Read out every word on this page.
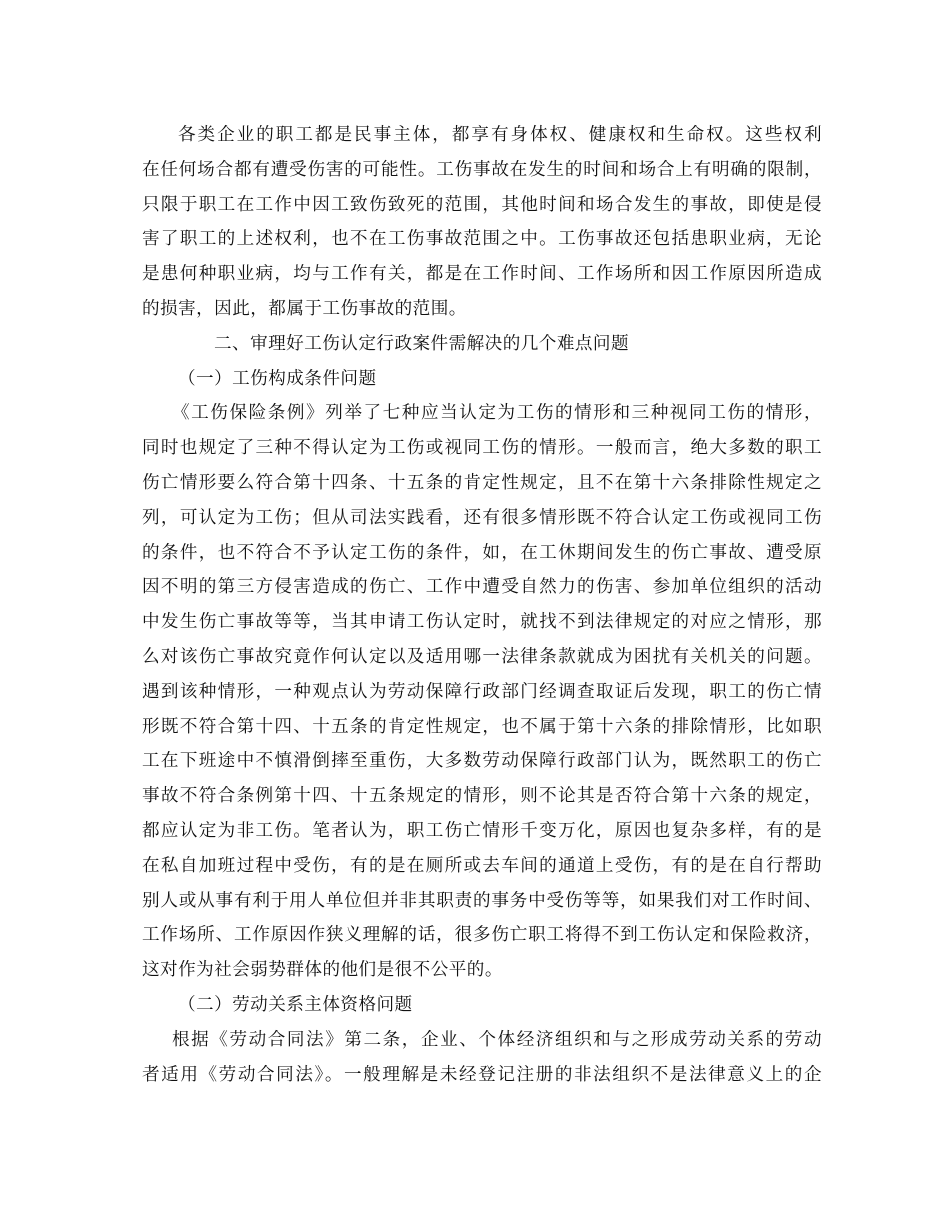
各类企业的职工都是民事主体，都享有身体权、健康权和生命权。这些权利
在任何场合都有遭受伤害的可能性。工伤事故在发生的时间和场合上有明确的限制，
只限于职工在工作中因工致伤致死的范围，其他时间和场合发生的事故，即使是侵
害了职工的上述权利，也不在工伤事故范围之中。工伤事故还包括患职业病，无论
是患何种职业病，均与工作有关，都是在工作时间、工作场所和因工作原因所造成
的损害，因此，都属于工伤事故的范围。
二、审理好工伤认定行政案件需解决的几个难点问题
（一）工伤构成条件问题
《工伤保险条例》列举了七种应当认定为工伤的情形和三种视同工伤的情形，
同时也规定了三种不得认定为工伤或视同工伤的情形。一般而言，绝大多数的职工
伤亡情形要么符合第十四条、十五条的肯定性规定，且不在第十六条排除性规定之
列，可认定为工伤；但从司法实践看，还有很多情形既不符合认定工伤或视同工伤
的条件，也不符合不予认定工伤的条件，如，在工休期间发生的伤亡事故、遭受原
因不明的第三方侵害造成的伤亡、工作中遭受自然力的伤害、参加单位组织的活动
中发生伤亡事故等等，当其申请工伤认定时，就找不到法律规定的对应之情形，那
么对该伤亡事故究竟作何认定以及适用哪一法律条款就成为困扰有关机关的问题。
遇到该种情形，一种观点认为劳动保障行政部门经调查取证后发现，职工的伤亡情
形既不符合第十四、十五条的肯定性规定，也不属于第十六条的排除情形，比如职
工在下班途中不慎滑倒摔至重伤，大多数劳动保障行政部门认为，既然职工的伤亡
事故不符合条例第十四、十五条规定的情形，则不论其是否符合第十六条的规定，
都应认定为非工伤。笔者认为，职工伤亡情形千变万化，原因也复杂多样，有的是
在私自加班过程中受伤，有的是在厕所或去车间的通道上受伤，有的是在自行帮助
别人或从事有利于用人单位但并非其职责的事务中受伤等等，如果我们对工作时间、
工作场所、工作原因作狭义理解的话，很多伤亡职工将得不到工伤认定和保险救济，
这对作为社会弱势群体的他们是很不公平的。
（二）劳动关系主体资格问题
根据《劳动合同法》第二条，企业、个体经济组织和与之形成劳动关系的劳动
者适用《劳动合同法》。一般理解是未经登记注册的非法组织不是法律意义上的企
